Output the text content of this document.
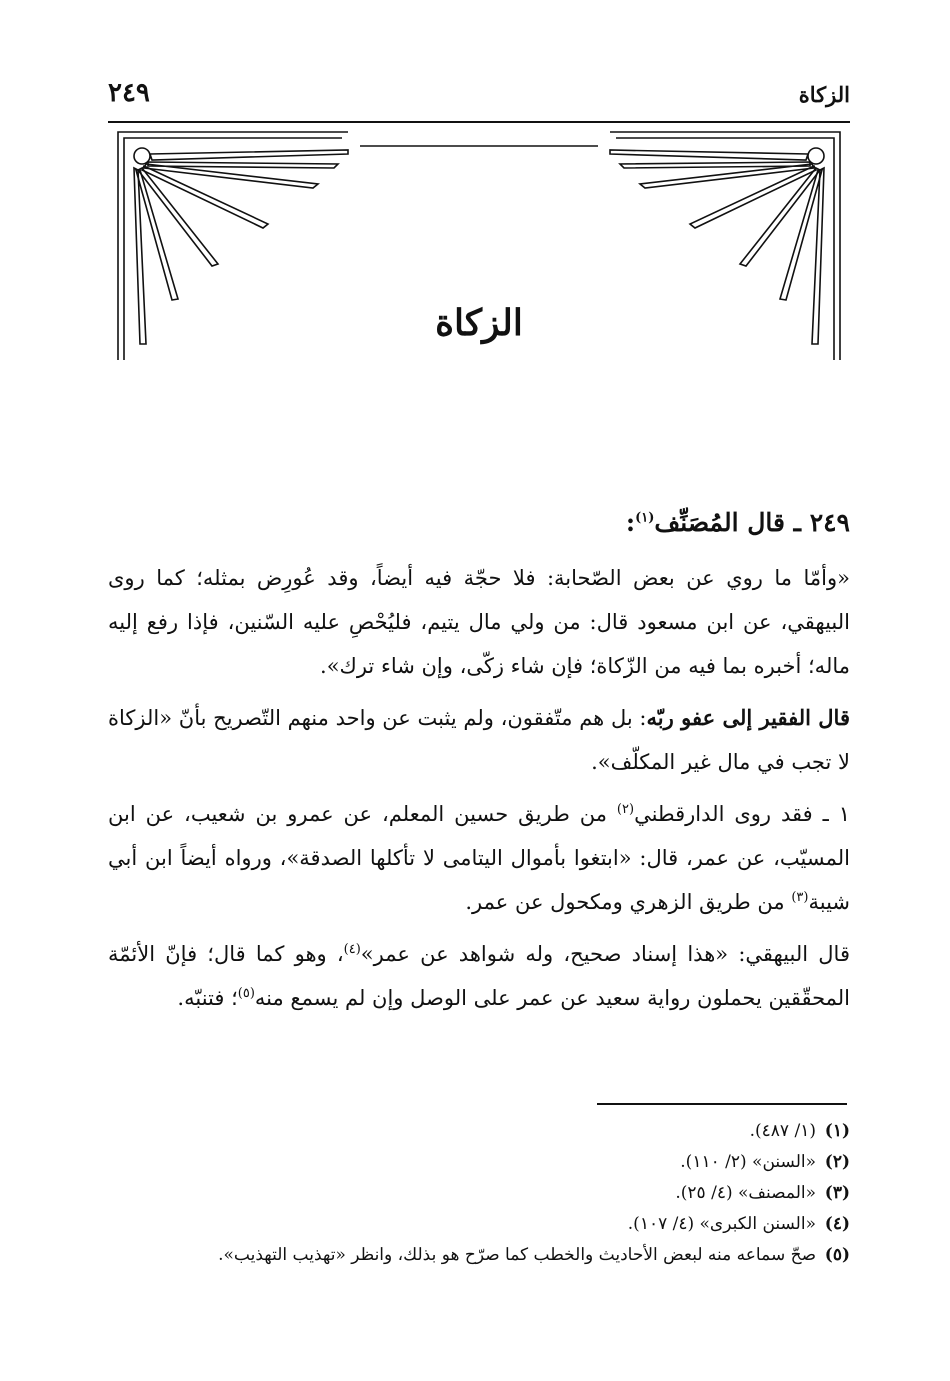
الزكاة
٢٤٩
الزكاة
٢٤٩ ـ قال المُصَنِّف$^{(١)}$:

«وأمّا ما روي عن بعض الصّحابة: فلا حجّة فيه أيضاً، وقد عُورِض بمثله؛ كما روى البيهقي، عن ابن مسعود قال: من ولي مال يتيم، فليُحْصِ عليه السّنين، فإذا رفع إليه ماله؛ أخبره بما فيه من الزّكاة؛ فإن شاء زكّى، وإن شاء ترك».

قال الفقير إلى عفو ربّه: بل هم متّفقون، ولم يثبت عن واحد منهم التّصريح بأنّ «الزكاة لا تجب في مال غير المكلّف».

١ ـ فقد روى الدارقطني$^{(٢)}$ من طريق حسين المعلم، عن عمرو بن شعيب، عن ابن المسيّب، عن عمر، قال: «ابتغوا بأموال اليتامى لا تأكلها الصدقة»، ورواه أيضاً ابن أبي شيبة$^{(٣)}$ من طريق الزهري ومكحول عن عمر.

قال البيهقي: «هذا إسناد صحيح، وله شواهد عن عمر»$^{(٤)}$، وهو كما قال؛ فإنّ الأئمّة المحقّقين يحملون رواية سعيد عن عمر على الوصل وإن لم يسمع منه$^{(٥)}$؛ فتنبّه.

(١)(١/ ٤٨٧).
(٢)«السنن» (٢/ ١١٠).
(٣)«المصنف» (٤/ ٢٥).
(٤)«السنن الكبرى» (٤/ ١٠٧).
(٥)صحّ سماعه منه لبعض الأحاديث والخطب كما صرّح هو بذلك، وانظر «تهذيب التهذيب».
